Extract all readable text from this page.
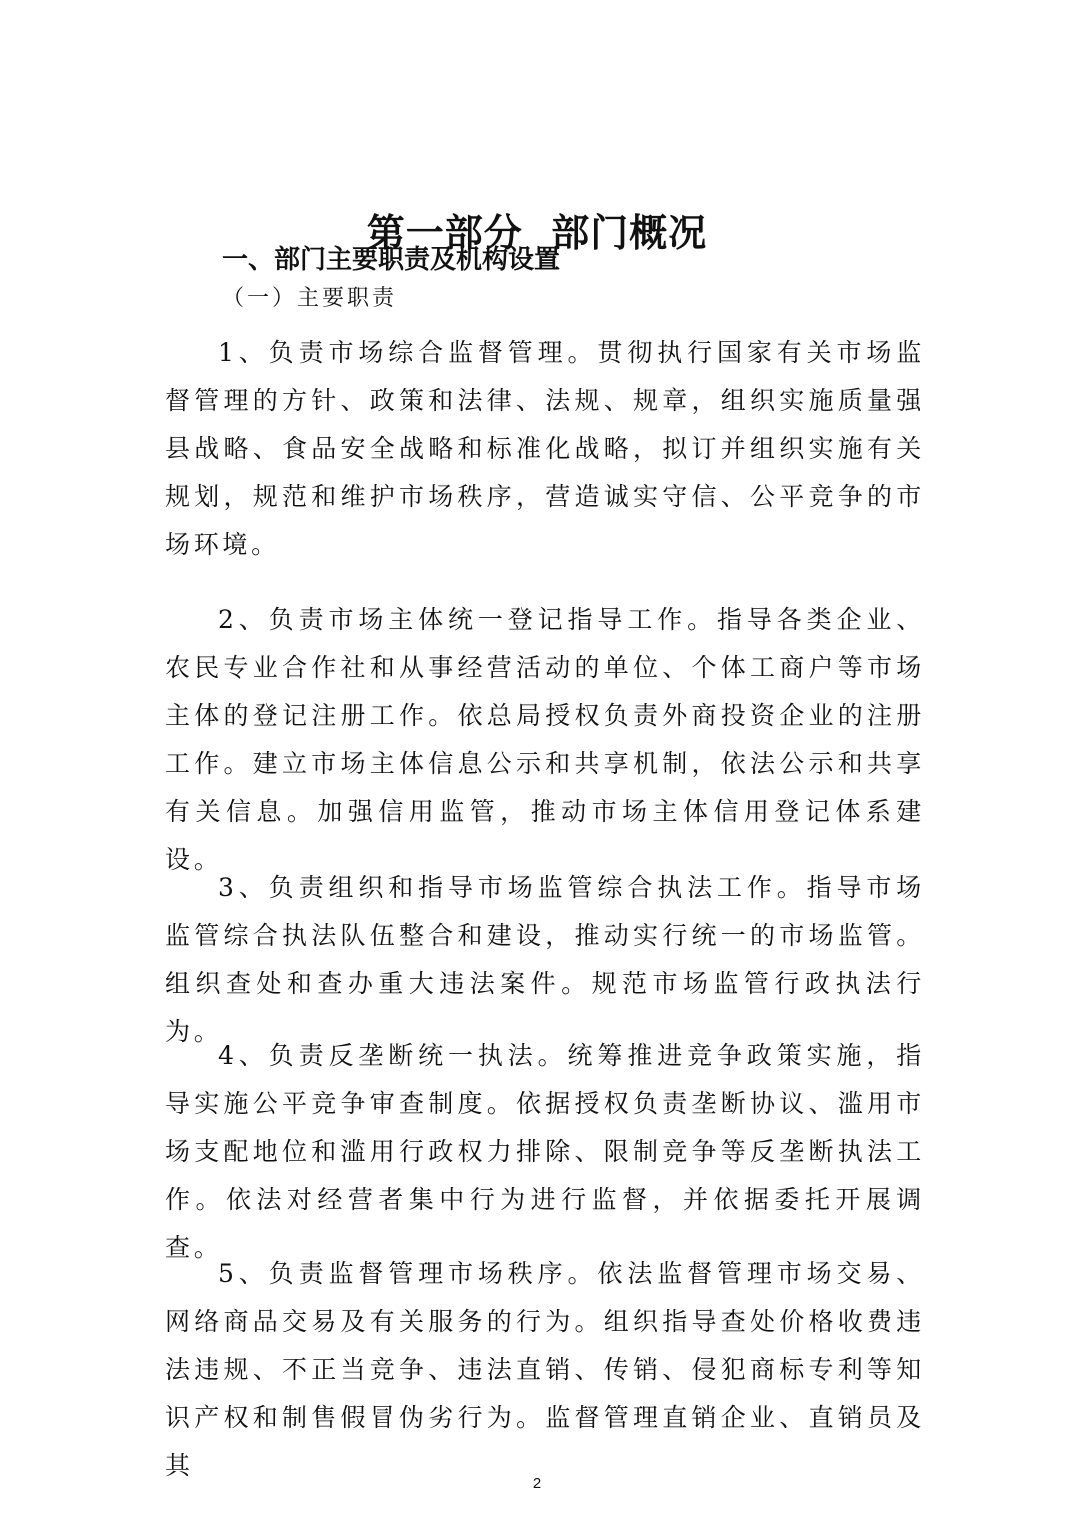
第一部分  部门概况
一、部门主要职责及机构设置
（一）主要职责

1、负责市场综合监督管理。贯彻执行国家有关市场监督管理的方针、政策和法律、法规、规章，组织实施质量强县战略、食品安全战略和标准化战略，拟订并组织实施有关规划，规范和维护市场秩序，营造诚实守信、公平竞争的市场环境。

2、负责市场主体统一登记指导工作。指导各类企业、农民专业合作社和从事经营活动的单位、个体工商户等市场主体的登记注册工作。依总局授权负责外商投资企业的注册工作。建立市场主体信息公示和共享机制，依法公示和共享有关信息。加强信用监管，推动市场主体信用登记体系建设。

3、负责组织和指导市场监管综合执法工作。指导市场监管综合执法队伍整合和建设，推动实行统一的市场监管。组织查处和查办重大违法案件。规范市场监管行政执法行为。

4、负责反垄断统一执法。统筹推进竞争政策实施，指导实施公平竞争审查制度。依据授权负责垄断协议、滥用市场支配地位和滥用行政权力排除、限制竞争等反垄断执法工作。依法对经营者集中行为进行监督，并依据委托开展调查。

5、负责监督管理市场秩序。依法监督管理市场交易、网络商品交易及有关服务的行为。组织指导查处价格收费违法违规、不正当竞争、违法直销、传销、侵犯商标专利等知识产权和制售假冒伪劣行为。监督管理直销企业、直销员及其

2
